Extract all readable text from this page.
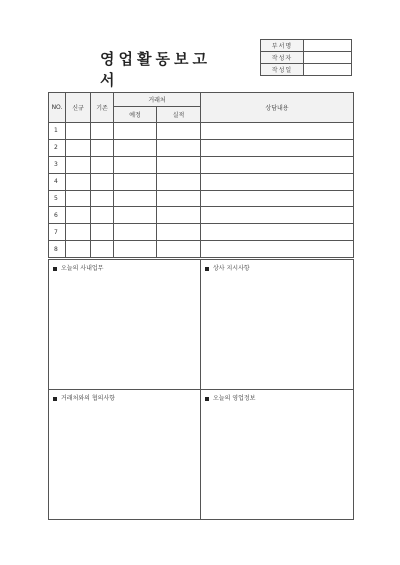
영업활동보고서
부서명	
작성자	
작성일	
NO.	신규	기존	거래처		상담내용
			예정	실적	
1					
2					
3					
4					
5					
6					
7					
8					
오늘의 사내업무	상사 지시사항
거래처와의 협의사항	오늘의 영업정보
